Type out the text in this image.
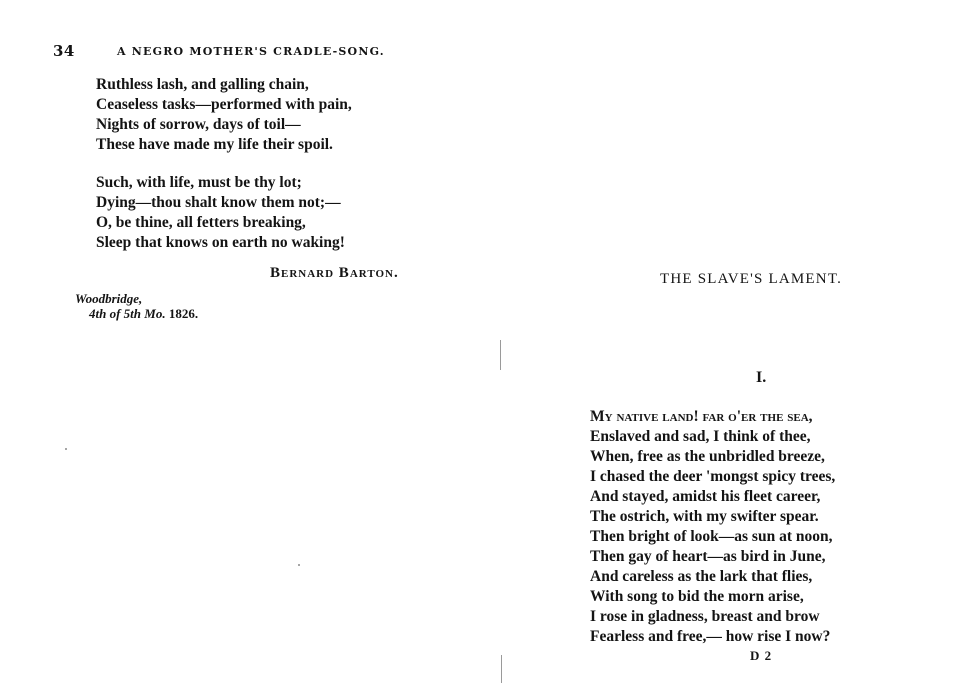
34	A NEGRO MOTHER'S CRADLE-SONG.
Ruthless lash, and galling chain,
Ceaseless tasks—performed with pain,
Nights of sorrow, days of toil—
These have made my life their spoil.
Such, with life, must be thy lot;
Dying—thou shalt know them not;—
O, be thine, all fetters breaking,
Sleep that knows on earth no waking!
Bernard Barton.
Woodbridge,
4th of 5th Mo. 1826.
THE SLAVE'S LAMENT.
I.
My native land! far o'er the sea,
Enslaved and sad, I think of thee,
When, free as the unbridled breeze,
I chased the deer 'mongst spicy trees,
And stayed, amidst his fleet career,
The ostrich, with my swifter spear.
Then bright of look—as sun at noon,
Then gay of heart—as bird in June,
And careless as the lark that flies,
With song to bid the morn arise,
I rose in gladness, breast and brow
Fearless and free,— how rise I now?
D 2
